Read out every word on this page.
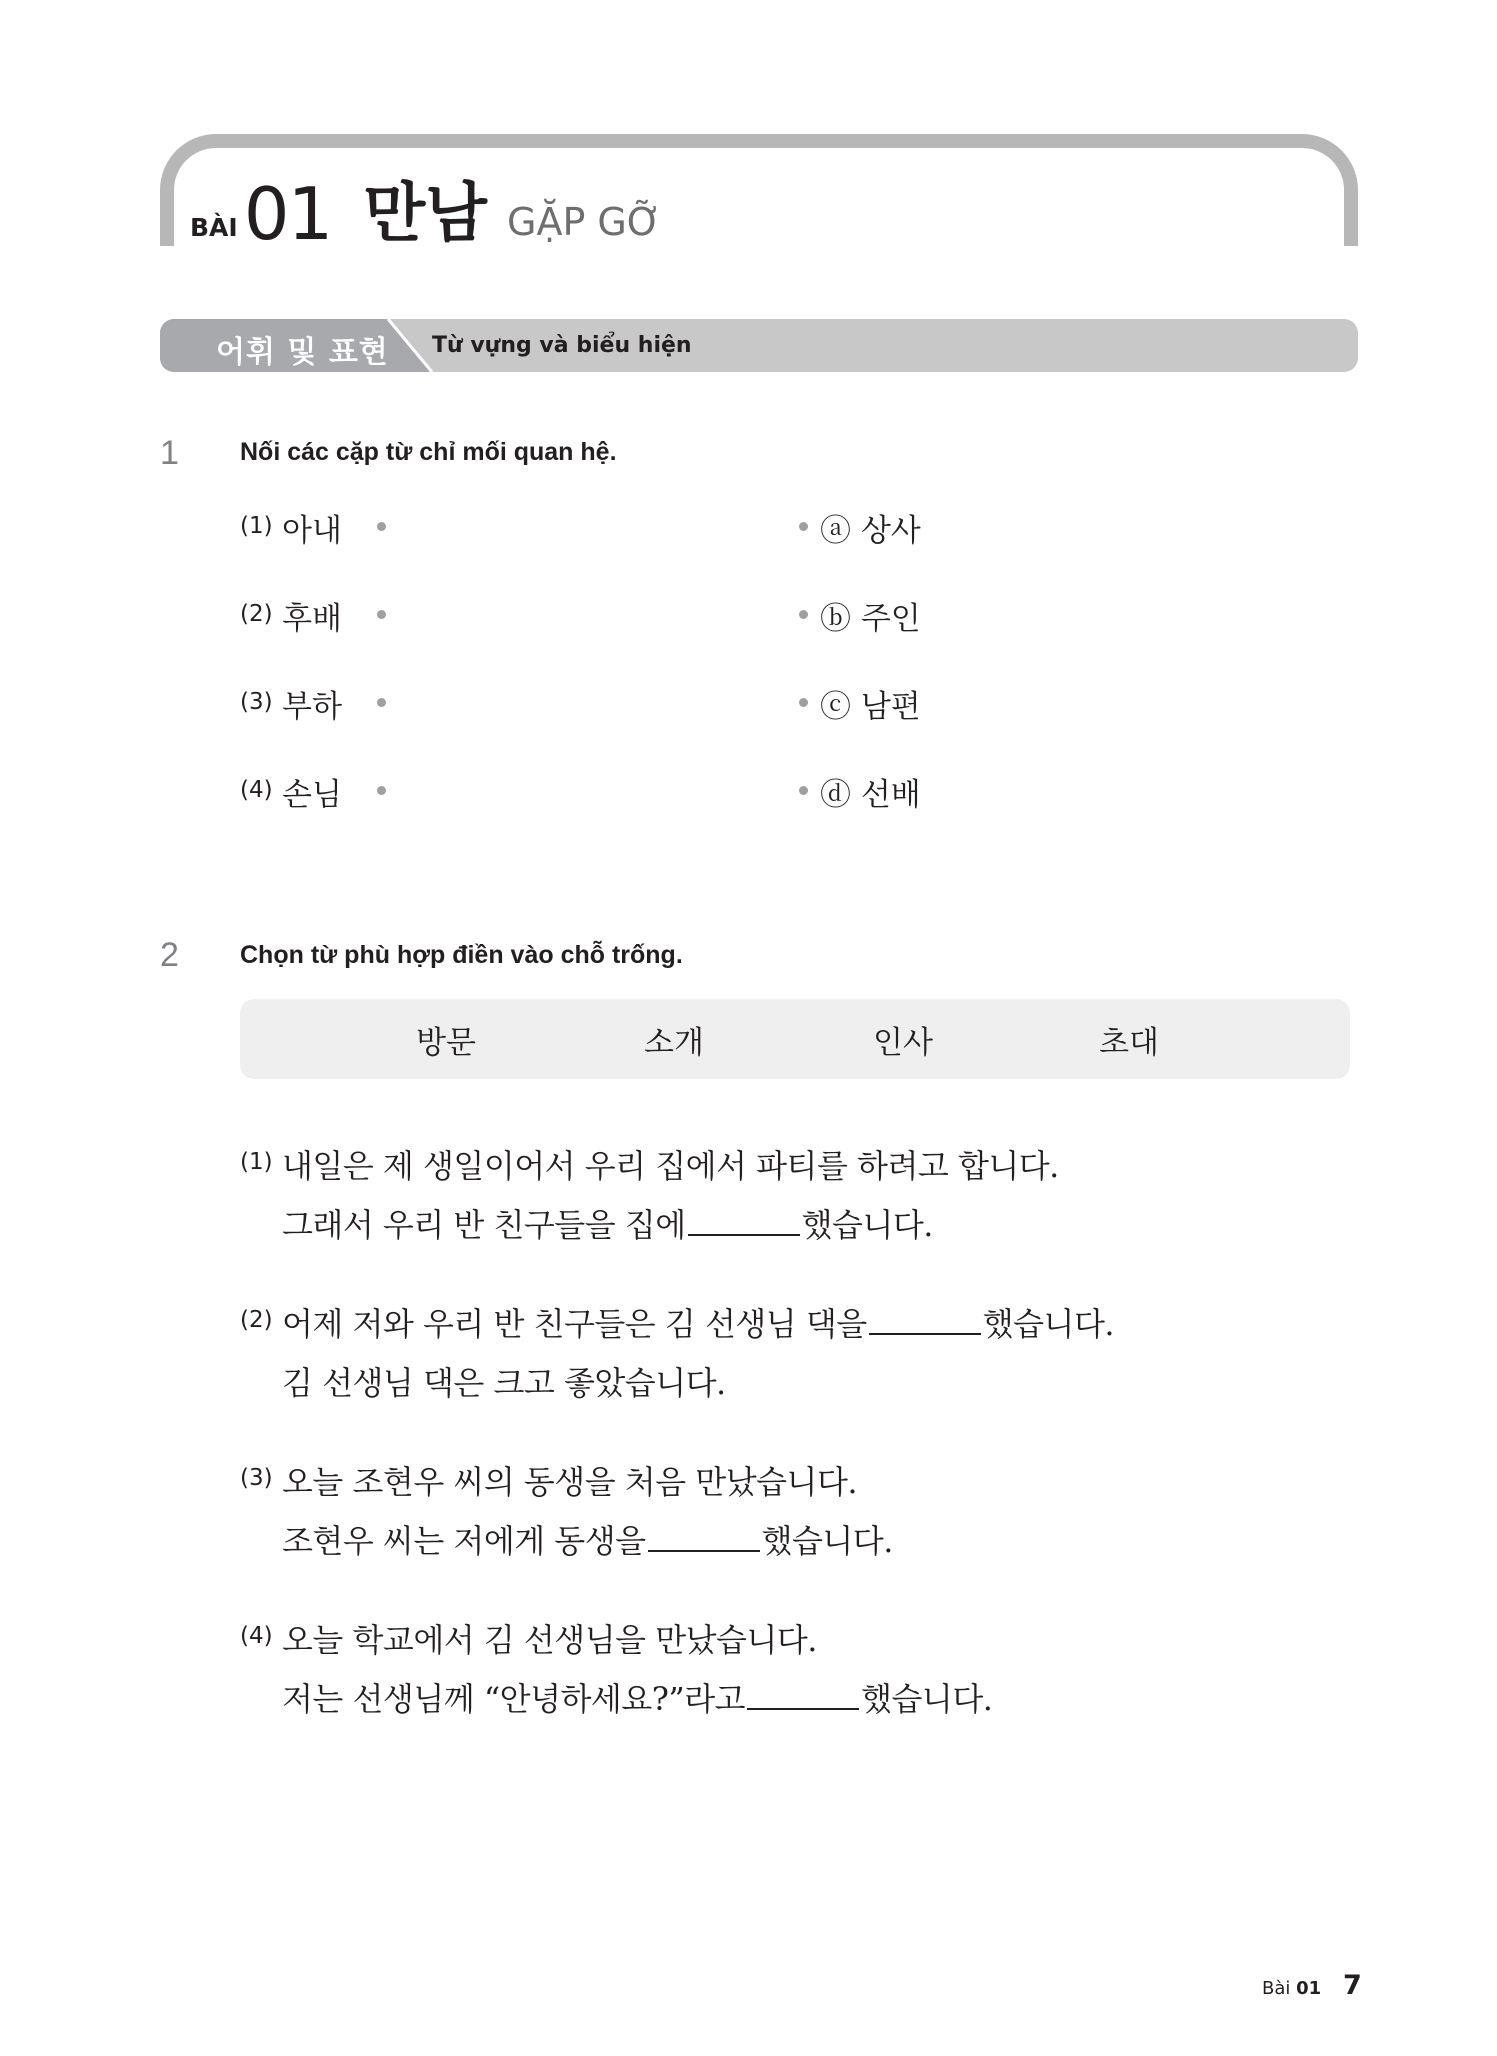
BÀI 01 만남 GẶP GỠ
어휘 및 표현 Từ vựng và biểu hiện
1 Nối các cặp từ chỉ mối quan hệ.
(1) 아내	ⓐ 상사
(2) 후배	ⓑ 주인
(3) 부하	ⓒ 남편
(4) 손님	ⓓ 선배
2 Chọn từ phù hợp điền vào chỗ trống.
방문	소개	인사	초대
(1) 내일은 제 생일이어서 우리 집에서 파티를 하려고 합니다.
그래서 우리 반 친구들을 집에	했습니다.
(2) 어제 저와 우리 반 친구들은 김 선생님 댁을	했습니다.
김 선생님 댁은 크고 좋았습니다.
(3) 오늘 조현우 씨의 동생을 처음 만났습니다.
조현우 씨는 저에게 동생을	했습니다.
(4) 오늘 학교에서 김 선생님을 만났습니다.
저는 선생님께 “안녕하세요?”라고	했습니다.
Bài 01 7
